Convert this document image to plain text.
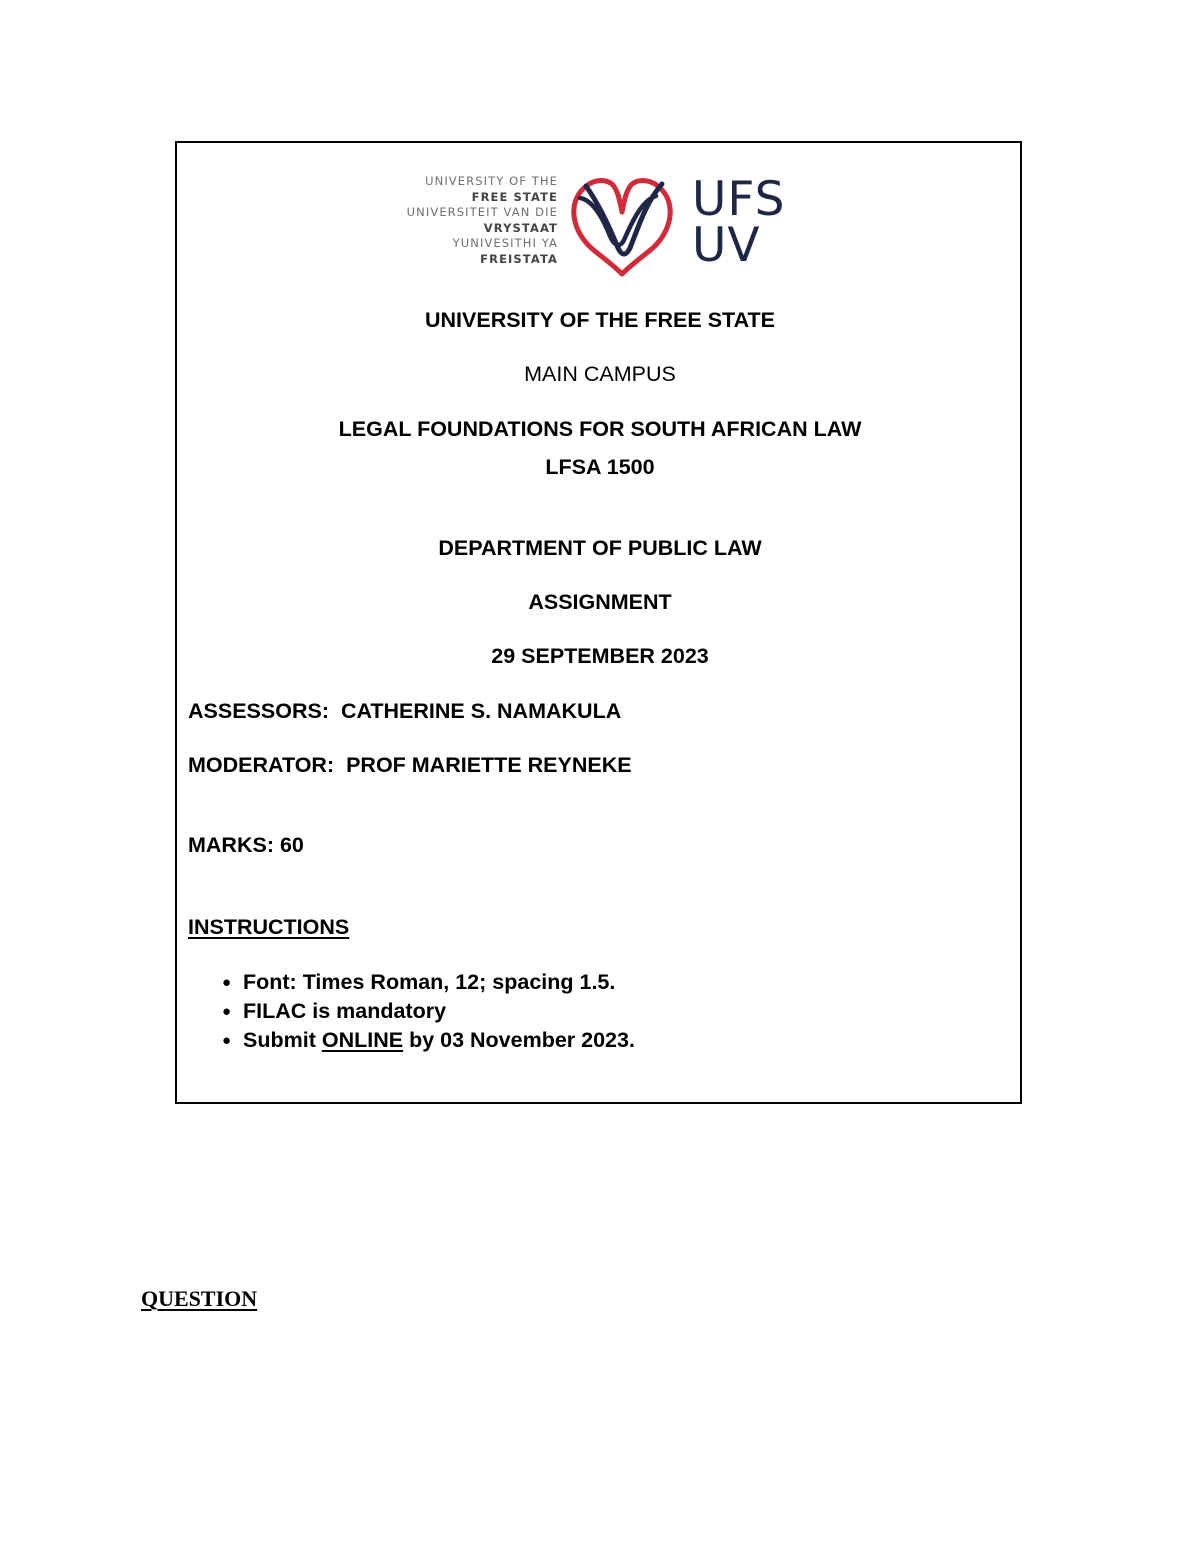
UNIVERSITY OF THE
FREE STATE
UNIVERSITEIT VAN DIE
VRYSTAAT
YUNIVESITHI YA
FREISTATA
UFS
UV
UNIVERSITY OF THE FREE STATE
MAIN CAMPUS
LEGAL FOUNDATIONS FOR SOUTH AFRICAN LAW
LFSA 1500
DEPARTMENT OF PUBLIC LAW
ASSIGNMENT
29 SEPTEMBER 2023
ASSESSORS: CATHERINE S. NAMAKULA
MODERATOR: PROF MARIETTE REYNEKE
MARKS: 60
INSTRUCTIONS
● Font: Times Roman, 12; spacing 1.5.
● FILAC is mandatory
● Submit ONLINE by 03 November 2023.
QUESTION
